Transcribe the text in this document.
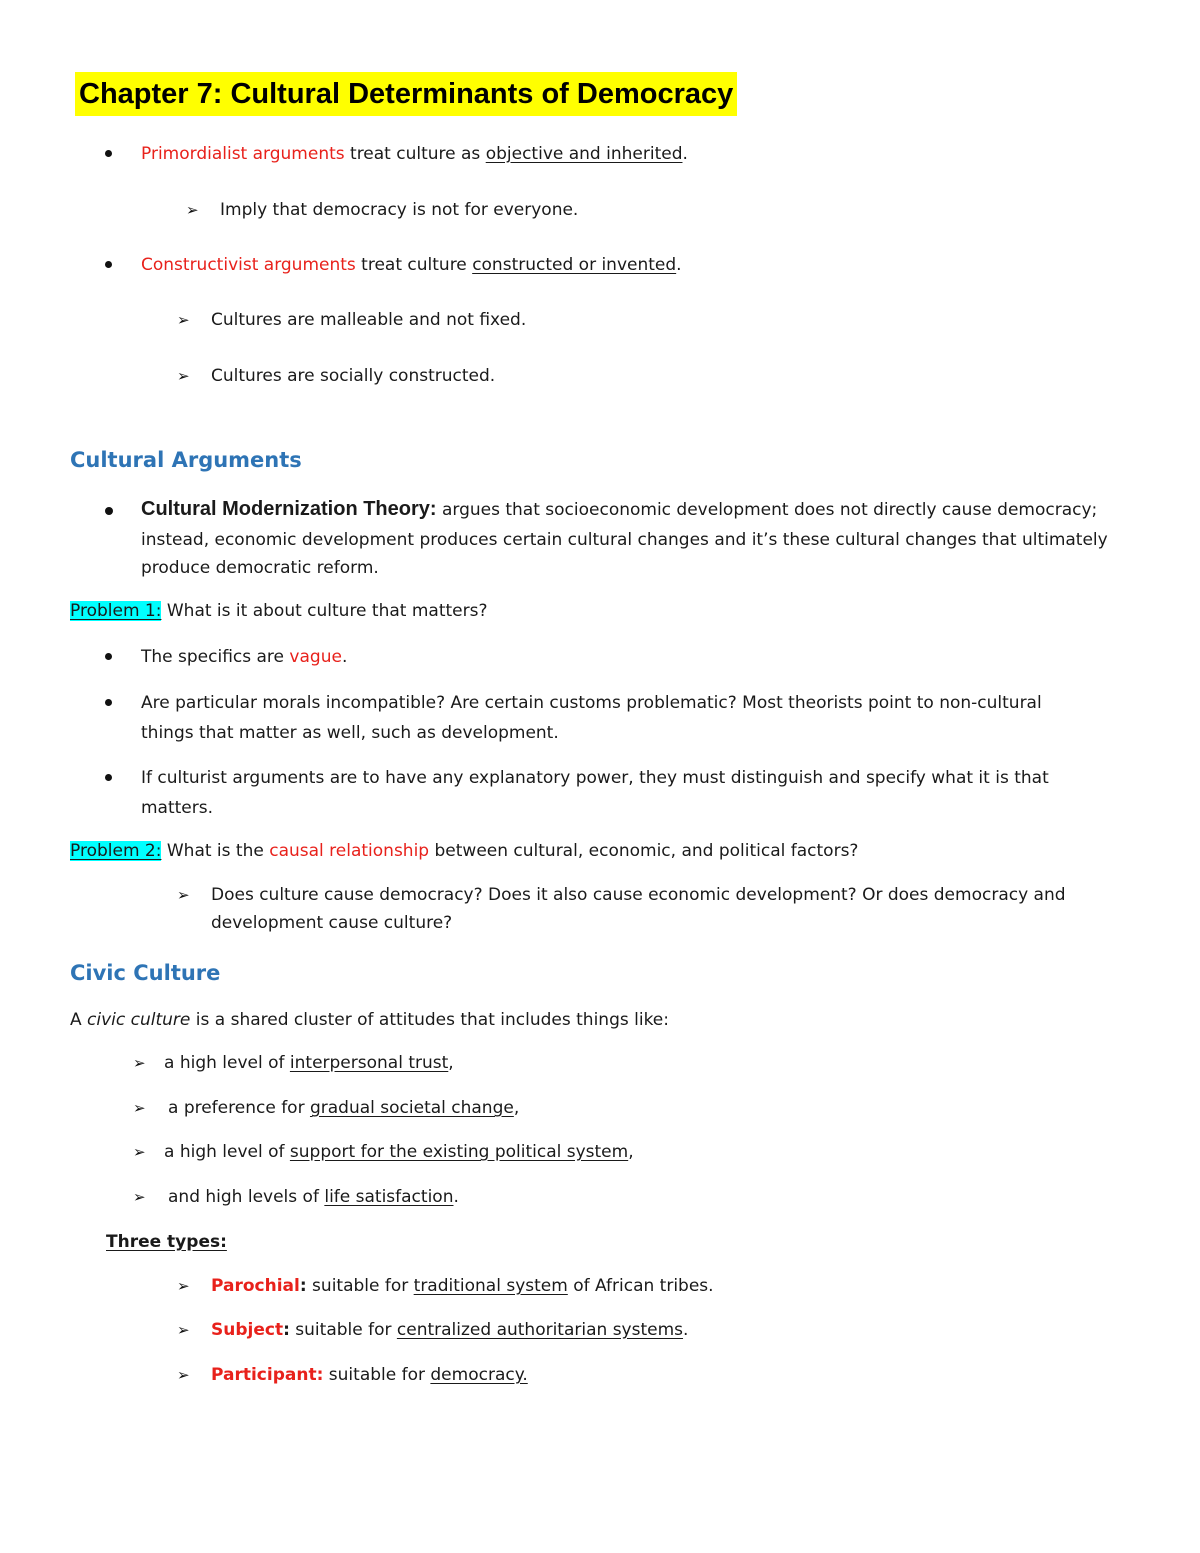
Chapter 7: Cultural Determinants of Democracy
Primordialist arguments treat culture as objective and inherited.
➢ Imply that democracy is not for everyone.
Constructivist arguments treat culture constructed or invented.
➢ Cultures are malleable and not fixed.
➢ Cultures are socially constructed.
Cultural Arguments
Cultural Modernization Theory: argues that socioeconomic development does not directly cause democracy;
instead, economic development produces certain cultural changes and it’s these cultural changes that ultimately
produce democratic reform.
Problem 1: What is it about culture that matters?
The specifics are vague.
Are particular morals incompatible? Are certain customs problematic? Most theorists point to non-cultural
things that matter as well, such as development.
If culturist arguments are to have any explanatory power, they must distinguish and specify what it is that
matters.
Problem 2: What is the causal relationship between cultural, economic, and political factors?
➢ Does culture cause democracy? Does it also cause economic development? Or does democracy and
development cause culture?
Civic Culture
A civic culture is a shared cluster of attitudes that includes things like:
➢ a high level of interpersonal trust,
➢ a preference for gradual societal change,
➢ a high level of support for the existing political system,
➢ and high levels of life satisfaction.
Three types:
➢ Parochial: suitable for traditional system of African tribes.
➢ Subject: suitable for centralized authoritarian systems.
➢ Participant: suitable for democracy.
